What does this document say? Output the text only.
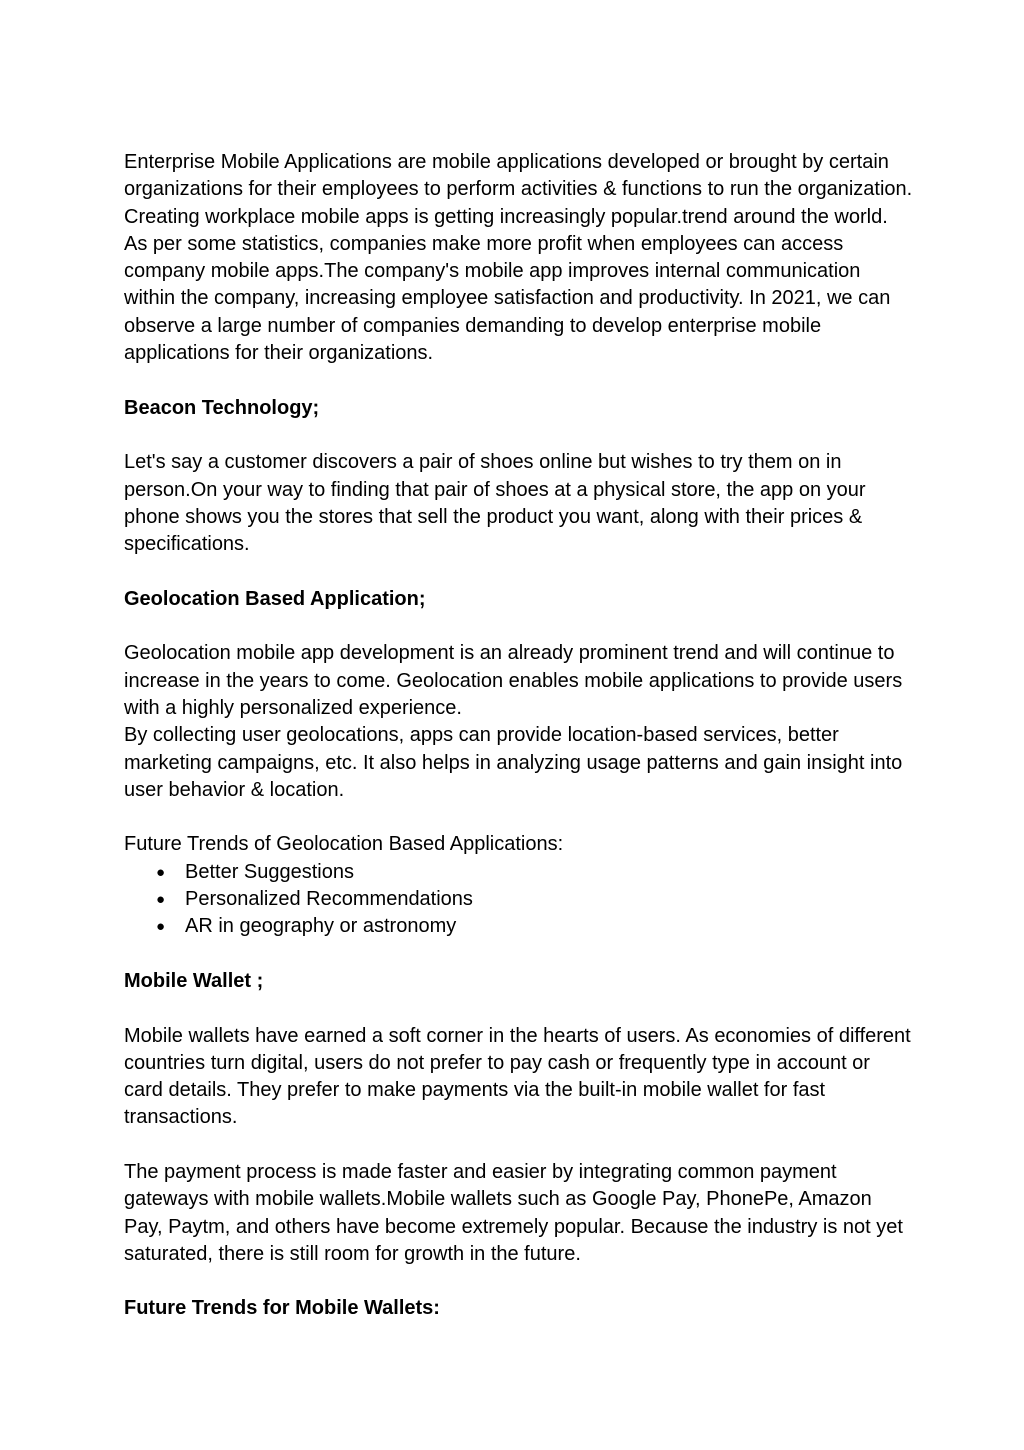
Enterprise Mobile Applications are mobile applications developed or brought by certain organizations for their employees to perform activities & functions to run the organization. Creating workplace mobile apps is getting increasingly popular.trend around the world. As per some statistics, companies make more profit when employees can access company mobile apps.The company's mobile app improves internal communication within the company, increasing employee satisfaction and productivity. In 2021, we can observe a large number of companies demanding to develop enterprise mobile applications for their organizations.

Beacon Technology;

Let's say a customer discovers a pair of shoes online but wishes to try them on in person.On your way to finding that pair of shoes at a physical store, the app on your phone shows you the stores that sell the product you want, along with their prices & specifications.

Geolocation Based Application;

Geolocation mobile app development is an already prominent trend and will continue to increase in the years to come. Geolocation enables mobile applications to provide users with a highly personalized experience.

By collecting user geolocations, apps can provide location-based services, better marketing campaigns, etc. It also helps in analyzing usage patterns and gain insight into user behavior & location.

Future Trends of Geolocation Based Applications:

● Better Suggestions
● Personalized Recommendations
● AR in geography or astronomy
Mobile Wallet ;

Mobile wallets have earned a soft corner in the hearts of users. As economies of different countries turn digital, users do not prefer to pay cash or frequently type in account or card details. They prefer to make payments via the built-in mobile wallet for fast transactions.

The payment process is made faster and easier by integrating common payment gateways with mobile wallets.Mobile wallets such as Google Pay, PhonePe, Amazon Pay, Paytm, and others have become extremely popular. Because the industry is not yet saturated, there is still room for growth in the future.

Future Trends for Mobile Wallets:
